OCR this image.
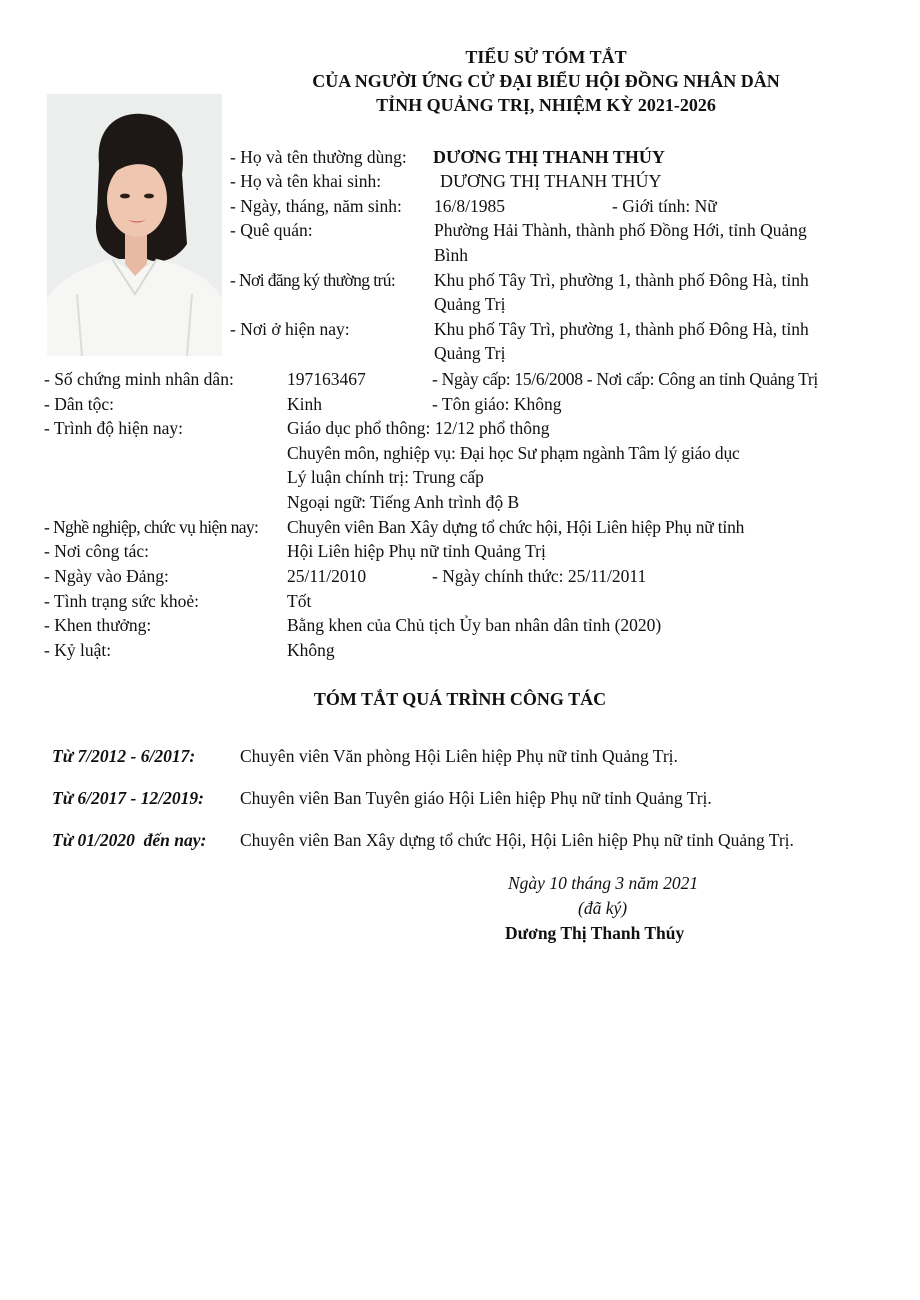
TIỂU SỬ TÓM TẮT
CỦA NGƯỜI ỨNG CỬ ĐẠI BIỂU HỘI ĐỒNG NHÂN DÂN
TỈNH QUẢNG TRỊ, NHIỆM KỲ 2021-2026
- Họ và tên thường dùng: DƯƠNG THỊ THANH THÚY
- Họ và tên khai sinh:	DƯƠNG THỊ THANH THÚY
- Ngày, tháng, năm sinh: 16/8/1985	- Giới tính: Nữ
- Quê quán:	Phường Hải Thành, thành phố Đồng Hới, tỉnh Quảng
Bình
- Nơi đăng ký thường trú: Khu phố Tây Trì, phường 1, thành phố Đông Hà, tỉnh
Quảng Trị
- Nơi ở hiện nay:	Khu phố Tây Trì, phường 1, thành phố Đông Hà, tỉnh
Quảng Trị
- Số chứng minh nhân dân:	197163467	- Ngày cấp: 15/6/2008 - Nơi cấp: Công an tỉnh Quảng Trị
- Dân tộc:	Kinh	- Tôn giáo: Không
- Trình độ hiện nay:	Giáo dục phổ thông: 12/12 phổ thông
Chuyên môn, nghiệp vụ: Đại học Sư phạm ngành Tâm lý giáo dục
Lý luận chính trị: Trung cấp
Ngoại ngữ: Tiếng Anh trình độ B
- Nghề nghiệp, chức vụ hiện nay: Chuyên viên Ban Xây dựng tổ chức hội, Hội Liên hiệp Phụ nữ tỉnh
- Nơi công tác:	Hội Liên hiệp Phụ nữ tỉnh Quảng Trị
- Ngày vào Đảng:	25/11/2010	- Ngày chính thức: 25/11/2011
- Tình trạng sức khoẻ:	Tốt
- Khen thưởng:	Bằng khen của Chủ tịch Ủy ban nhân dân tỉnh (2020)
- Kỷ luật:	Không
TÓM TẮT QUÁ TRÌNH CÔNG TÁC
Từ 7/2012 - 6/2017:	Chuyên viên Văn phòng Hội Liên hiệp Phụ nữ tỉnh Quảng Trị.
Từ 6/2017 - 12/2019: Chuyên viên Ban Tuyên giáo Hội Liên hiệp Phụ nữ tỉnh Quảng Trị.
Từ 01/2020  đến nay: Chuyên viên Ban Xây dựng tổ chức Hội, Hội Liên hiệp Phụ nữ tỉnh Quảng Trị.
Ngày 10 tháng 3 năm 2021
(đã ký)
Dương Thị Thanh Thúy
